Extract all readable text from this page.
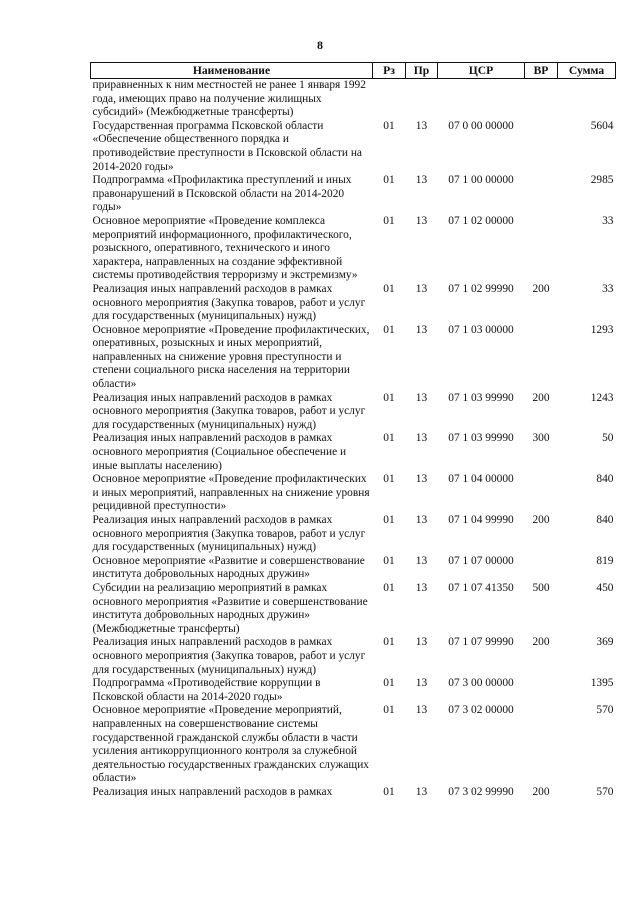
8
Наименование	Рз	Пр	ЦСР	ВР	Сумма
приравненных к ним местностей не ранее 1 января 1992 года, имеющих право на получение жилищных субсидий» (Межбюджетные трансферты)					
Государственная программа Псковской области «Обеспечение общественного порядка и противодействие преступности в Псковской области на 2014-2020 годы»	01	13	07 0 00 00000		5604
Подпрограмма «Профилактика преступлений и иных правонарушений в Псковской области на 2014-2020 годы»	01	13	07 1 00 00000		2985
Основное мероприятие «Проведение комплекса мероприятий информационного, профилактического, розыскного, оперативного, технического и иного характера, направленных на создание эффективной системы противодействия терроризму и экстремизму»	01	13	07 1 02 00000		33
Реализация иных направлений расходов в рамках основного мероприятия (Закупка товаров, работ и услуг для государственных (муниципальных) нужд)	01	13	07 1 02 99990	200	33
Основное мероприятие «Проведение профилактических, оперативных, розыскных и иных мероприятий, направленных на снижение уровня преступности и степени социального риска населения на территории области»	01	13	07 1 03 00000		1293
Реализация иных направлений расходов в рамках основного мероприятия (Закупка товаров, работ и услуг для государственных (муниципальных) нужд)	01	13	07 1 03 99990	200	1243
Реализация иных направлений расходов в рамках основного мероприятия (Социальное обеспечение и иные выплаты населению)	01	13	07 1 03 99990	300	50
Основное мероприятие «Проведение профилактических и иных мероприятий, направленных на снижение уровня рецидивной преступности»	01	13	07 1 04 00000		840
Реализация иных направлений расходов в рамках основного мероприятия (Закупка товаров, работ и услуг для государственных (муниципальных) нужд)	01	13	07 1 04 99990	200	840
Основное мероприятие «Развитие и совершенствование института добровольных народных дружин»	01	13	07 1 07 00000		819
Субсидии на реализацию мероприятий в рамках основного мероприятия «Развитие и совершенствование института добровольных народных дружин» (Межбюджетные трансферты)	01	13	07 1 07 41350	500	450
Реализация иных направлений расходов в рамках основного мероприятия (Закупка товаров, работ и услуг для государственных (муниципальных) нужд)	01	13	07 1 07 99990	200	369
Подпрограмма «Противодействие коррупции в Псковской области на 2014-2020 годы»	01	13	07 3 00 00000		1395
Основное мероприятие «Проведение мероприятий, направленных на совершенствование системы государственной гражданской службы области в части усиления антикоррупционного контроля за служебной деятельностью государственных гражданских служащих области»	01	13	07 3 02 00000		570
Реализация иных направлений расходов в рамках	01	13	07 3 02 99990	200	570
